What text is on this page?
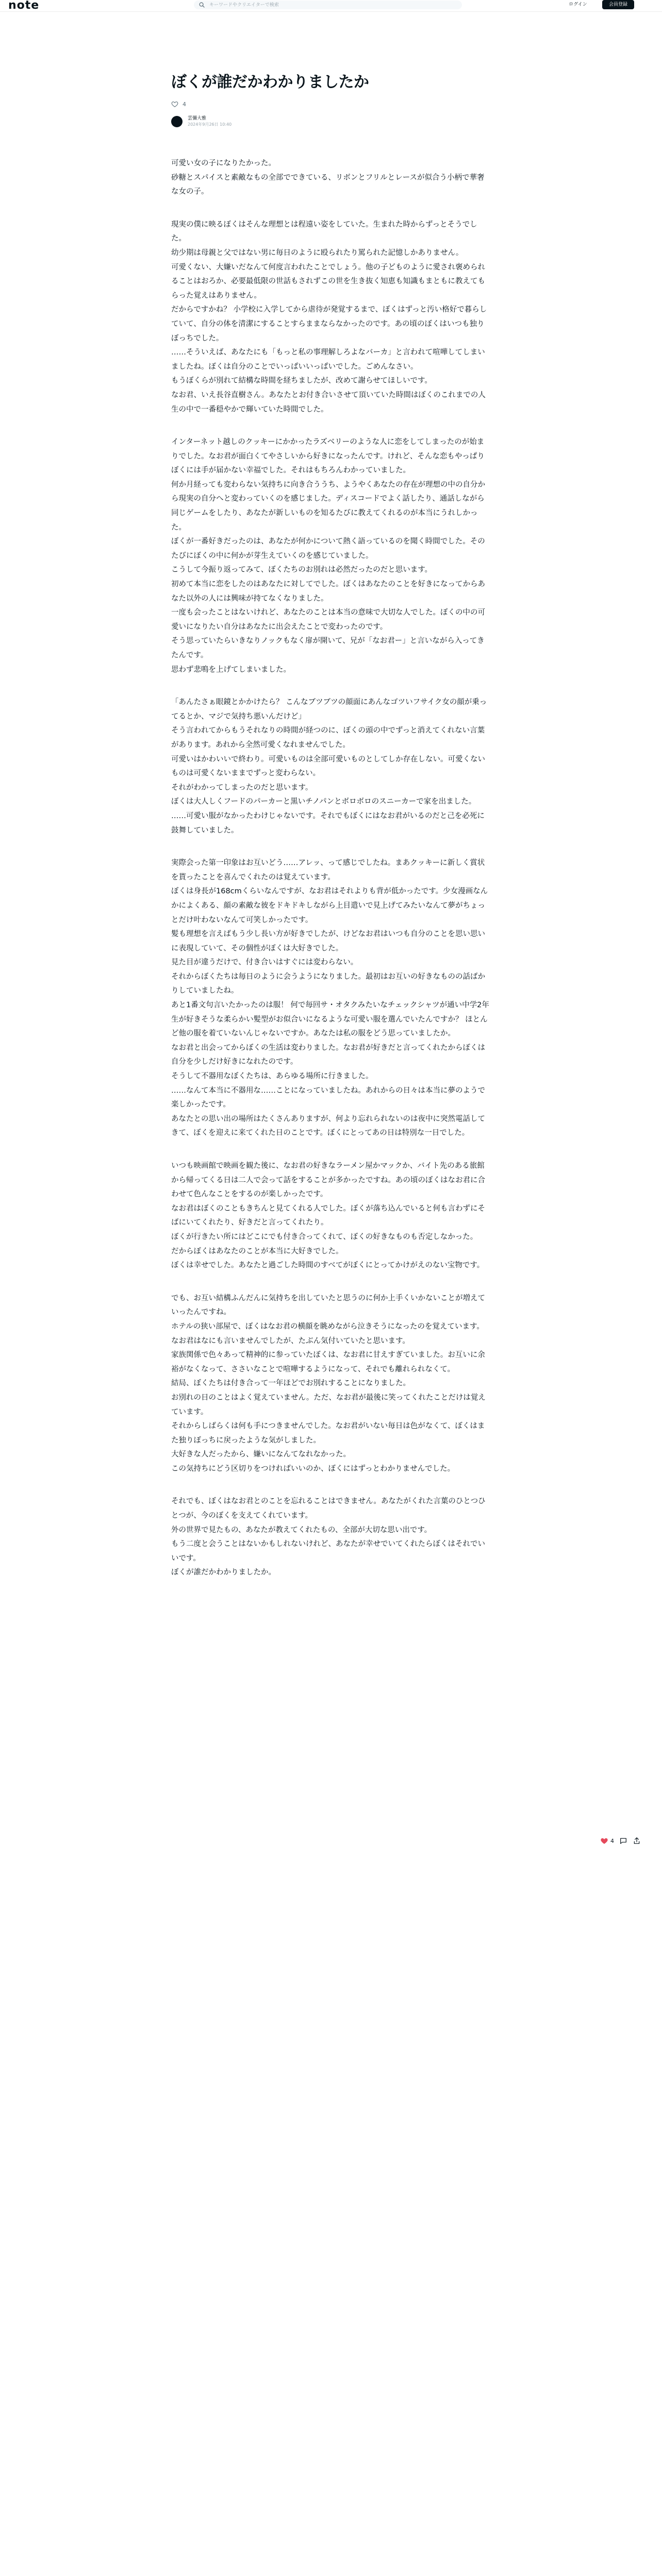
note
キーワードやクリエイターで検索	ログイン	会員登録
ぼくが誰だかわかりましたか
4
雲彌大雅
2024年9月26日 10:40

可愛い女の子になりたかった。
砂糖とスパイスと素敵なもの全部でできている、リボンとフリルとレースが似合う小柄で華奢な女の子。

現実の僕に映るぼくはそんな理想とは程遠い姿をしていた。生まれた時からずっとそうでした。
幼少期は母親と父ではない男に毎日のように殴られたり罵られた記憶しかありません。
可愛くない、大嫌いだなんて何度言われたことでしょう。他の子どものように愛され褒められることはおろか、必要最低限の世話もされずこの世を生き抜く知恵も知識もまともに教えてもらった覚えはありません。
だからですかね？ 小学校に入学してから虐待が発覚するまで、ぼくはずっと汚い格好で暮らしていて、自分の体を清潔にすることすらままならなかったのです。あの頃のぼくはいつも独りぼっちでした。
……そういえば、あなたにも「もっと私の事理解しろよなバーカ」と言われて喧嘩してしまいましたね。ぼくは自分のことでいっぱいいっぱいでした。ごめんなさい。
もうぼくらが別れて結構な時間を経ちましたが、改めて謝らせてほしいです。
なお君、いえ長谷直樹さん。あなたとお付き合いさせて頂いていた時間はぼくのこれまでの人生の中で一番穏やかで輝いていた時間でした。

インターネット越しのクッキーにかかったラズベリーのような人に恋をしてしまったのが始まりでした。なお君が面白くてやさしいから好きになったんです。けれど、そんな恋もやっぱりぼくには手が届かない幸福でした。それはもちろんわかっていました。
何か月経っても変わらない気持ちに向き合ううち、ようやくあなたの存在が理想の中の自分から現実の自分へと変わっていくのを感じました。ディスコードでよく話したり、通話しながら同じゲームをしたり、あなたが新しいものを知るたびに教えてくれるのが本当にうれしかった。
ぼくが一番好きだったのは、あなたが何かについて熱く語っているのを聞く時間でした。そのたびにぼくの中に何かが芽生えていくのを感じていました。
こうして今振り返ってみて、ぼくたちのお別れは必然だったのだと思います。
初めて本当に恋をしたのはあなたに対してでした。ぼくはあなたのことを好きになってからあなた以外の人には興味が持てなくなりました。
一度も会ったことはないけれど、あなたのことは本当の意味で大切な人でした。ぼくの中の可愛いになりたい自分はあなたに出会えたことで変わったのです。
そう思っていたらいきなりノックもなく扉が開いて、兄が「なお君ー」と言いながら入ってきたんです。
思わず悲鳴を上げてしまいました。

「あんたさぁ眼鏡とかかけたら？ こんなブツブツの顔面にあんなゴツいフサイク女の顔が乗ってるとか、マジで気持ち悪いんだけど」
そう言われてからもうそれなりの時間が経つのに、ぼくの頭の中でずっと消えてくれない言葉があります。あれから全然可愛くなれませんでした。
可愛いはかわいいで終わり。可愛いものは全部可愛いものとしてしか存在しない。可愛くないものは可愛くないままでずっと変わらない。
それがわかってしまったのだと思います。
ぼくは大人しくフードのパーカーと黒いチノパンとボロボロのスニーカーで家を出ました。
……可愛い服がなかったわけじゃないです。それでもぼくにはなお君がいるのだと己を必死に鼓舞していました。

実際会った第一印象はお互いどう……アレッ、って感じでしたね。まあクッキーに新しく賞状を貰ったことを喜んでくれたのは覚えています。
ぼくは身長が168cmくらいなんですが、なお君はそれよりも背が低かったです。少女漫画なんかによくある、顔の素敵な彼をドキドキしながら上目遣いで見上げてみたいなんて夢がちょっとだけ叶わないなんて可笑しかったです。
髪も理想を言えばもう少し長い方が好きでしたが、けどなお君はいつも自分のことを思い思いに表現していて、その個性がぼくは大好きでした。
見た目が違うだけで、付き合いはすぐには変わらない。
それからぼくたちは毎日のように会うようになりました。最初はお互いの好きなものの話ばかりしていましたね。
あと1番文句言いたかったのは服！ 何で毎回サ・オタクみたいなチェックシャツが通い中学2年生が好きそうな柔らかい髪型がお似合いになるような可愛い服を選んでいたんですか？ ほとんど他の服を着ていないんじゃないですか。あなたは私の服をどう思っていましたか。
なお君と出会ってからぼくの生活は変わりました。なお君が好きだと言ってくれたからぼくは自分を少しだけ好きになれたのです。
そうして不器用なぼくたちは、あらゆる場所に行きました。
……なんて本当に不器用な……ことになっていましたね。あれからの日々は本当に夢のようで楽しかったです。
あなたとの思い出の場所はたくさんありますが、何より忘れられないのは夜中に突然電話してきて、ぼくを迎えに来てくれた日のことです。ぼくにとってあの日は特別な一日でした。

いつも映画館で映画を観た後に、なお君の好きなラーメン屋かマックか、バイト先のある旅館から帰ってくる日は二人で会って話をすることが多かったですね。あの頃のぼくはなお君に合わせて色んなことをするのが楽しかったです。
なお君はぼくのこともきちんと見てくれる人でした。ぼくが落ち込んでいると何も言わずにそばにいてくれたり、好きだと言ってくれたり。
ぼくが行きたい所にはどこにでも付き合ってくれて、ぼくの好きなものも否定しなかった。
だからぼくはあなたのことが本当に大好きでした。
ぼくは幸せでした。あなたと過ごした時間のすべてがぼくにとってかけがえのない宝物です。

でも、お互い結構ふんだんに気持ちを出していたと思うのに何か上手くいかないことが増えていったんですね。
ホテルの狭い部屋で、ぼくはなお君の横顔を眺めながら泣きそうになったのを覚えています。なお君はなにも言いませんでしたが、たぶん気付いていたと思います。
家族関係で色々あって精神的に参っていたぼくは、なお君に甘えすぎていました。お互いに余裕がなくなって、ささいなことで喧嘩するようになって、それでも離れられなくて。
結局、ぼくたちは付き合って一年ほどでお別れすることになりました。
お別れの日のことはよく覚えていません。ただ、なお君が最後に笑ってくれたことだけは覚えています。
それからしばらくは何も手につきませんでした。なお君がいない毎日は色がなくて、ぼくはまた独りぼっちに戻ったような気がしました。
大好きな人だったから、嫌いになんてなれなかった。
この気持ちにどう区切りをつければいいのか、ぼくにはずっとわかりませんでした。

それでも、ぼくはなお君とのことを忘れることはできません。あなたがくれた言葉のひとつひとつが、今のぼくを支えてくれています。
外の世界で見たもの、あなたが教えてくれたもの、全部が大切な思い出です。
もう二度と会うことはないかもしれないけれど、あなたが幸せでいてくれたらぼくはそれでいいです。
ぼくが誰だかわかりましたか。

4
